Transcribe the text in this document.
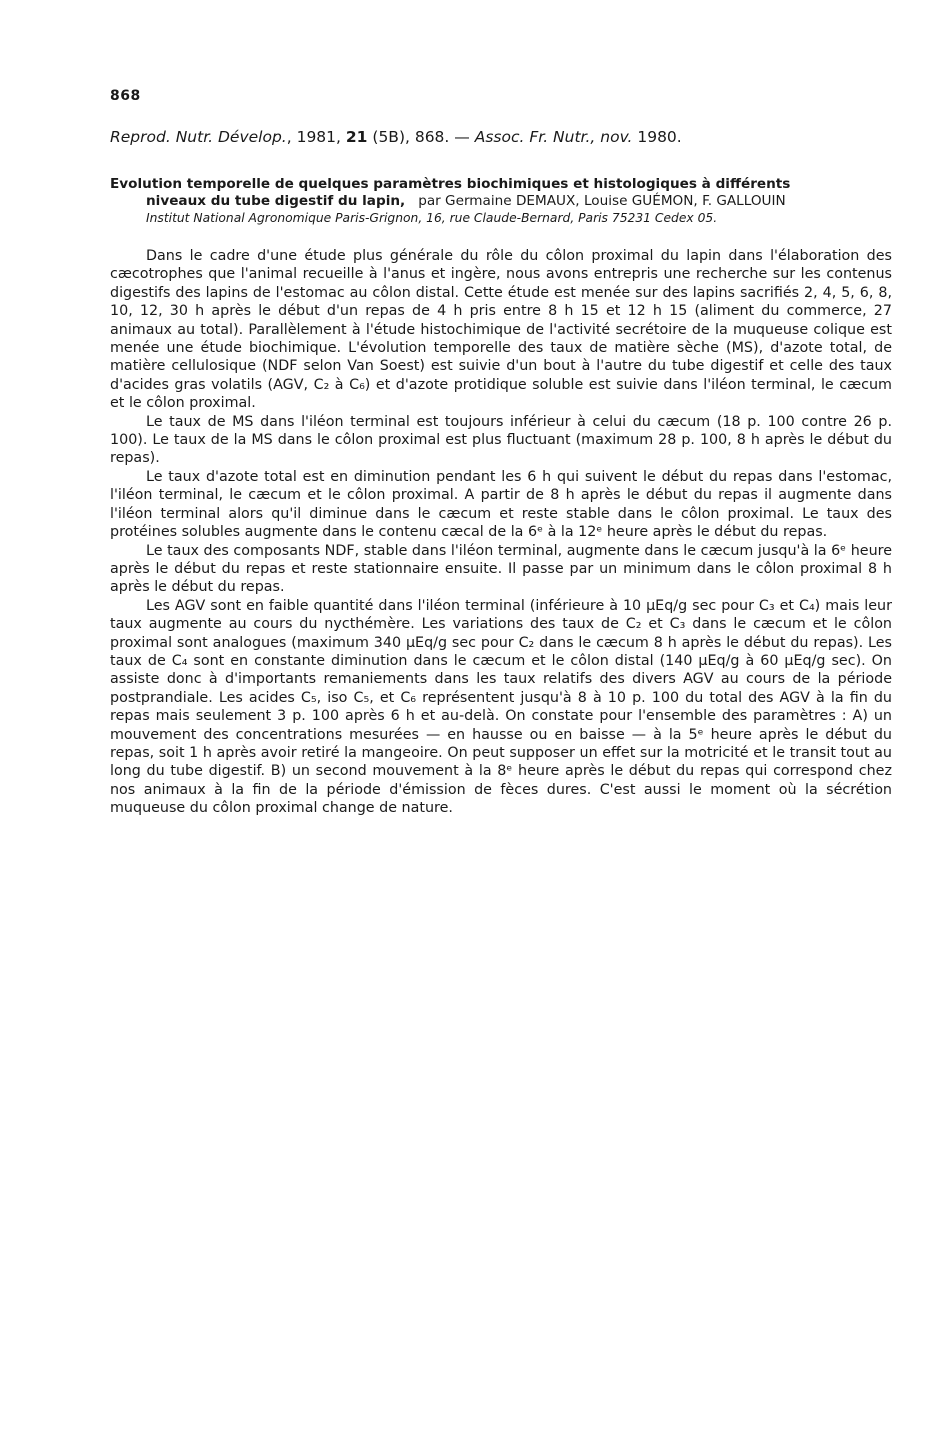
868
Reprod. Nutr. Dévelop., 1981, 21 (5B), 868. — Assoc. Fr. Nutr., nov. 1980.
Evolution temporelle de quelques paramètres biochimiques et histologiques à différents
niveaux du tube digestif du lapin, par Germaine DEMAUX, Louise GUÉMON, F. GALLOUIN
Institut National Agronomique Paris-Grignon, 16, rue Claude-Bernard, Paris 75231 Cedex 05.

Dans le cadre d'une étude plus générale du rôle du côlon proximal du lapin dans l'élaboration des cæcotrophes que l'animal recueille à l'anus et ingère, nous avons entrepris une recherche sur les contenus digestifs des lapins de l'estomac au côlon distal. Cette étude est menée sur des lapins sacrifiés 2, 4, 5, 6, 8, 10, 12, 30 h après le début d'un repas de 4 h pris entre 8 h 15 et 12 h 15 (aliment du commerce, 27 animaux au total). Parallèlement à l'étude histochimique de l'activité secrétoire de la muqueuse colique est menée une étude biochimique. L'évolution temporelle des taux de matière sèche (MS), d'azote total, de matière cellulosique (NDF selon Van Soest) est suivie d'un bout à l'autre du tube digestif et celle des taux d'acides gras volatils (AGV, C₂ à C₆) et d'azote protidique soluble est suivie dans l'iléon terminal, le cæcum et le côlon proximal.

Le taux de MS dans l'iléon terminal est toujours inférieur à celui du cæcum (18 p. 100 contre 26 p. 100). Le taux de la MS dans le côlon proximal est plus fluctuant (maximum 28 p. 100, 8 h après le début du repas).

Le taux d'azote total est en diminution pendant les 6 h qui suivent le début du repas dans l'estomac, l'iléon terminal, le cæcum et le côlon proximal. A partir de 8 h après le début du repas il augmente dans l'iléon terminal alors qu'il diminue dans le cæcum et reste stable dans le côlon proximal. Le taux des protéines solubles augmente dans le contenu cæcal de la 6ᵉ à la 12ᵉ heure après le début du repas.

Le taux des composants NDF, stable dans l'iléon terminal, augmente dans le cæcum jusqu'à la 6ᵉ heure après le début du repas et reste stationnaire ensuite. Il passe par un minimum dans le côlon proximal 8 h après le début du repas.

Les AGV sont en faible quantité dans l'iléon terminal (inférieure à 10 µEq/g sec pour C₃ et C₄) mais leur taux augmente au cours du nycthémère. Les variations des taux de C₂ et C₃ dans le cæcum et le côlon proximal sont analogues (maximum 340 µEq/g sec pour C₂ dans le cæcum 8 h après le début du repas). Les taux de C₄ sont en constante diminution dans le cæcum et le côlon distal (140 µEq/g à 60 µEq/g sec). On assiste donc à d'importants remaniements dans les taux relatifs des divers AGV au cours de la période postprandiale. Les acides C₅, iso C₅, et C₆ représentent jusqu'à 8 à 10 p. 100 du total des AGV à la fin du repas mais seulement 3 p. 100 après 6 h et au-delà. On constate pour l'ensemble des paramètres : A) un mouvement des concentrations mesurées — en hausse ou en baisse — à la 5ᵉ heure après le début du repas, soit 1 h après avoir retiré la mangeoire. On peut supposer un effet sur la motricité et le transit tout au long du tube digestif. B) un second mouvement à la 8ᵉ heure après le début du repas qui correspond chez nos animaux à la fin de la période d'émission de fèces dures. C'est aussi le moment où la sécrétion muqueuse du côlon proximal change de nature.
